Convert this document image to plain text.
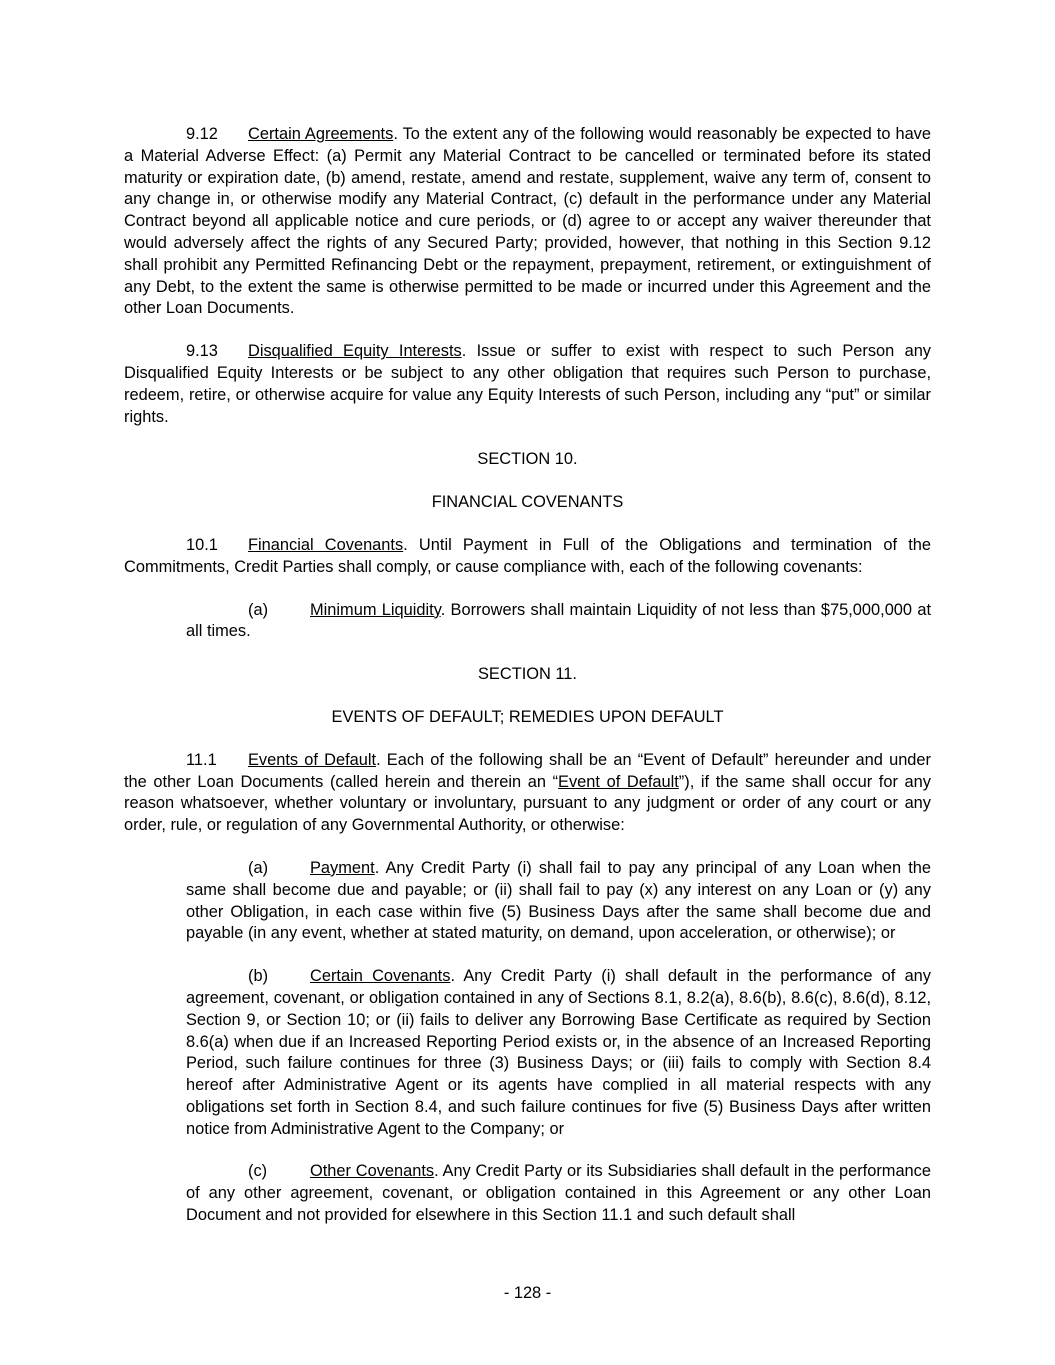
9.12 Certain Agreements. To the extent any of the following would reasonably be expected to have a Material Adverse Effect: (a) Permit any Material Contract to be cancelled or terminated before its stated maturity or expiration date, (b) amend, restate, amend and restate, supplement, waive any term of, consent to any change in, or otherwise modify any Material Contract, (c) default in the performance under any Material Contract beyond all applicable notice and cure periods, or (d) agree to or accept any waiver thereunder that would adversely affect the rights of any Secured Party; provided, however, that nothing in this Section 9.12 shall prohibit any Permitted Refinancing Debt or the repayment, prepayment, retirement, or extinguishment of any Debt, to the extent the same is otherwise permitted to be made or incurred under this Agreement and the other Loan Documents.

9.13 Disqualified Equity Interests. Issue or suffer to exist with respect to such Person any Disqualified Equity Interests or be subject to any other obligation that requires such Person to purchase, redeem, retire, or otherwise acquire for value any Equity Interests of such Person, including any “put” or similar rights.

SECTION 10.

FINANCIAL COVENANTS

10.1 Financial Covenants. Until Payment in Full of the Obligations and termination of the Commitments, Credit Parties shall comply, or cause compliance with, each of the following covenants:

(a)	Minimum Liquidity. Borrowers shall maintain Liquidity of not less than $75,000,000 at all times.

SECTION 11.

EVENTS OF DEFAULT; REMEDIES UPON DEFAULT

11.1 Events of Default. Each of the following shall be an “Event of Default” hereunder and under the other Loan Documents (called herein and therein an “Event of Default”), if the same shall occur for any reason whatsoever, whether voluntary or involuntary, pursuant to any judgment or order of any court or any order, rule, or regulation of any Governmental Authority, or otherwise:

(a)	Payment. Any Credit Party (i) shall fail to pay any principal of any Loan when the same shall become due and payable; or (ii) shall fail to pay (x) any interest on any Loan or (y) any other Obligation, in each case within five (5) Business Days after the same shall become due and payable (in any event, whether at stated maturity, on demand, upon acceleration, or otherwise); or

(b)	Certain Covenants. Any Credit Party (i) shall default in the performance of any agreement, covenant, or obligation contained in any of Sections 8.1, 8.2(a), 8.6(b), 8.6(c), 8.6(d), 8.12, Section 9, or Section 10; or (ii) fails to deliver any Borrowing Base Certificate as required by Section 8.6(a) when due if an Increased Reporting Period exists or, in the absence of an Increased Reporting Period, such failure continues for three (3) Business Days; or (iii) fails to comply with Section 8.4 hereof after Administrative Agent or its agents have complied in all material respects with any obligations set forth in Section 8.4, and such failure continues for five (5) Business Days after written notice from Administrative Agent to the Company; or

(c)	Other Covenants. Any Credit Party or its Subsidiaries shall default in the performance of any other agreement, covenant, or obligation contained in this Agreement or any other Loan Document and not provided for elsewhere in this Section 11.1 and such default shall

- 128 -
